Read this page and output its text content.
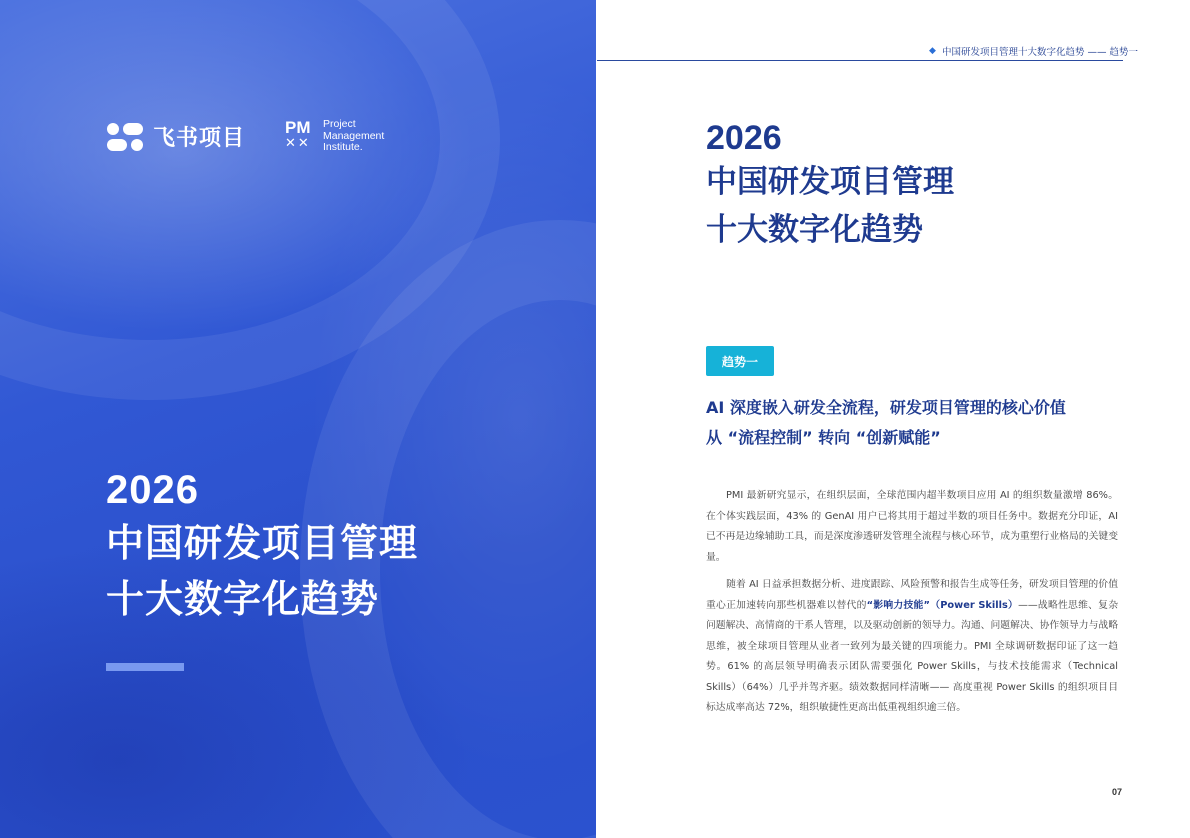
飞书项目 PM
✕✕
Project
Management
Institute.
2026
中国研发项目管理
十大数字化趋势
◆ 中国研发项目管理十大数字化趋势 —— 趋势一
2026
中国研发项目管理
十大数字化趋势
趋势一
AI 深度嵌入研发全流程，研发项目管理的核心价值
从 “流程控制” 转向 “创新赋能”
PMI 最新研究显示，在组织层面，全球范围内超半数项目应用 AI 的组织数量激增 86%。在个体实践层面，43% 的 GenAI 用户已将其用于超过半数的项目任务中。数据充分印证，AI 已不再是边缘辅助工具，而是深度渗透研发管理全流程与核心环节，成为重塑行业格局的关键变量。
随着 AI 日益承担数据分析、进度跟踪、风险预警和报告生成等任务，研发项目管理的价值重心正加速转向那些机器难以替代的“影响力技能”（Power Skills）——战略性思维、复杂问题解决、高情商的干系人管理，以及驱动创新的领导力。沟通、问题解决、协作领导力与战略思维，被全球项目管理从业者一致列为最关键的四项能力。PMI 全球调研数据印证了这一趋势。61% 的高层领导明确表示团队需要强化 Power Skills，与技术技能需求（Technical Skills）（64%）几乎并驾齐驱。绩效数据同样清晰—— 高度重视 Power Skills 的组织项目目标达成率高达 72%，组织敏捷性更高出低重视组织逾三倍。
07
